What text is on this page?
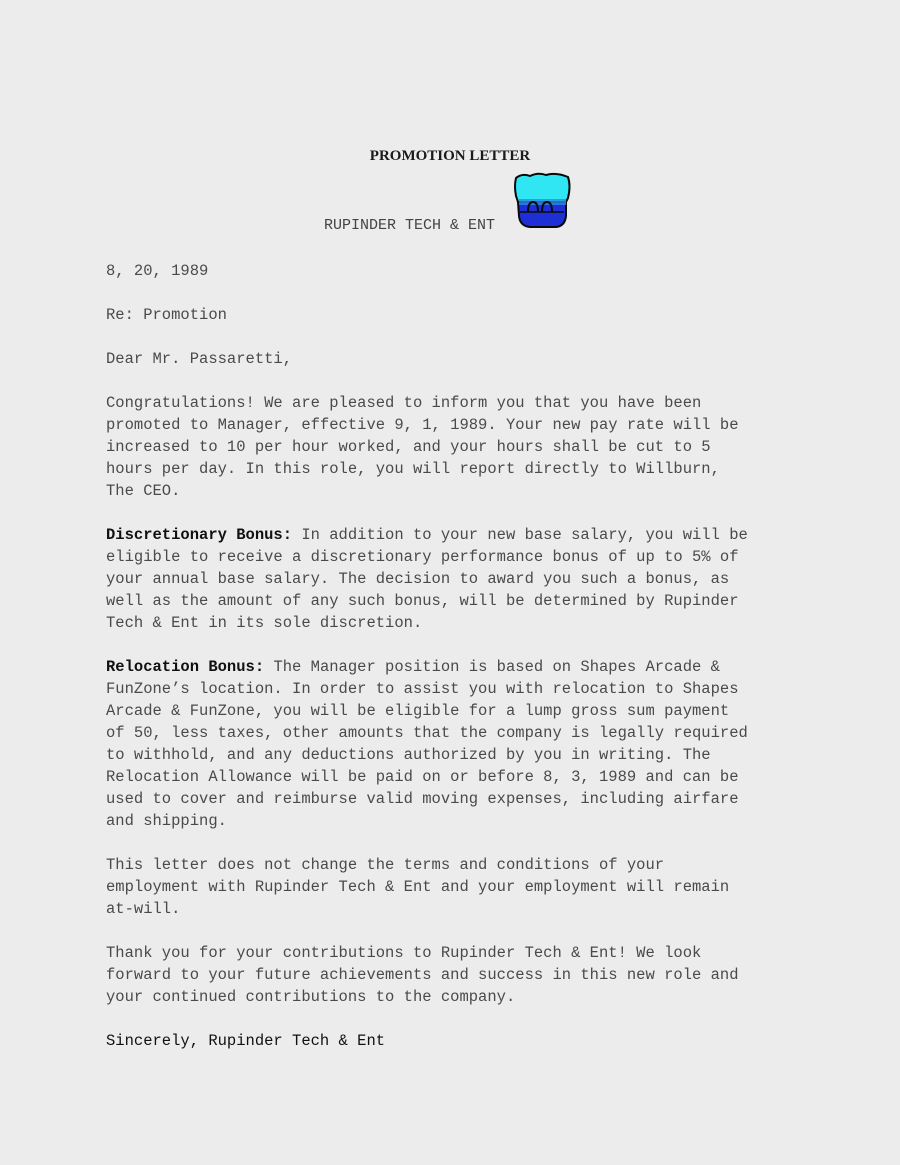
PROMOTION LETTER
RUPINDER TECH & ENT
8, 20, 1989
Re: Promotion
Dear Mr. Passaretti,
Congratulations! We are pleased to inform you that you have been
promoted to Manager, effective 9, 1, 1989. Your new pay rate will be
increased to 10 per hour worked, and your hours shall be cut to 5
hours per day. In this role, you will report directly to Willburn,
The CEO.
Discretionary Bonus: In addition to your new base salary, you will be
eligible to receive a discretionary performance bonus of up to 5% of
your annual base salary. The decision to award you such a bonus, as
well as the amount of any such bonus, will be determined by Rupinder
Tech & Ent in its sole discretion.
Relocation Bonus: The Manager position is based on Shapes Arcade &
FunZone’s location. In order to assist you with relocation to Shapes
Arcade & FunZone, you will be eligible for a lump gross sum payment
of 50, less taxes, other amounts that the company is legally required
to withhold, and any deductions authorized by you in writing. The
Relocation Allowance will be paid on or before 8, 3, 1989 and can be
used to cover and reimburse valid moving expenses, including airfare
and shipping.
This letter does not change the terms and conditions of your
employment with Rupinder Tech & Ent and your employment will remain
at-will.
Thank you for your contributions to Rupinder Tech & Ent! We look
forward to your future achievements and success in this new role and
your continued contributions to the company.
Sincerely, Rupinder Tech & Ent
